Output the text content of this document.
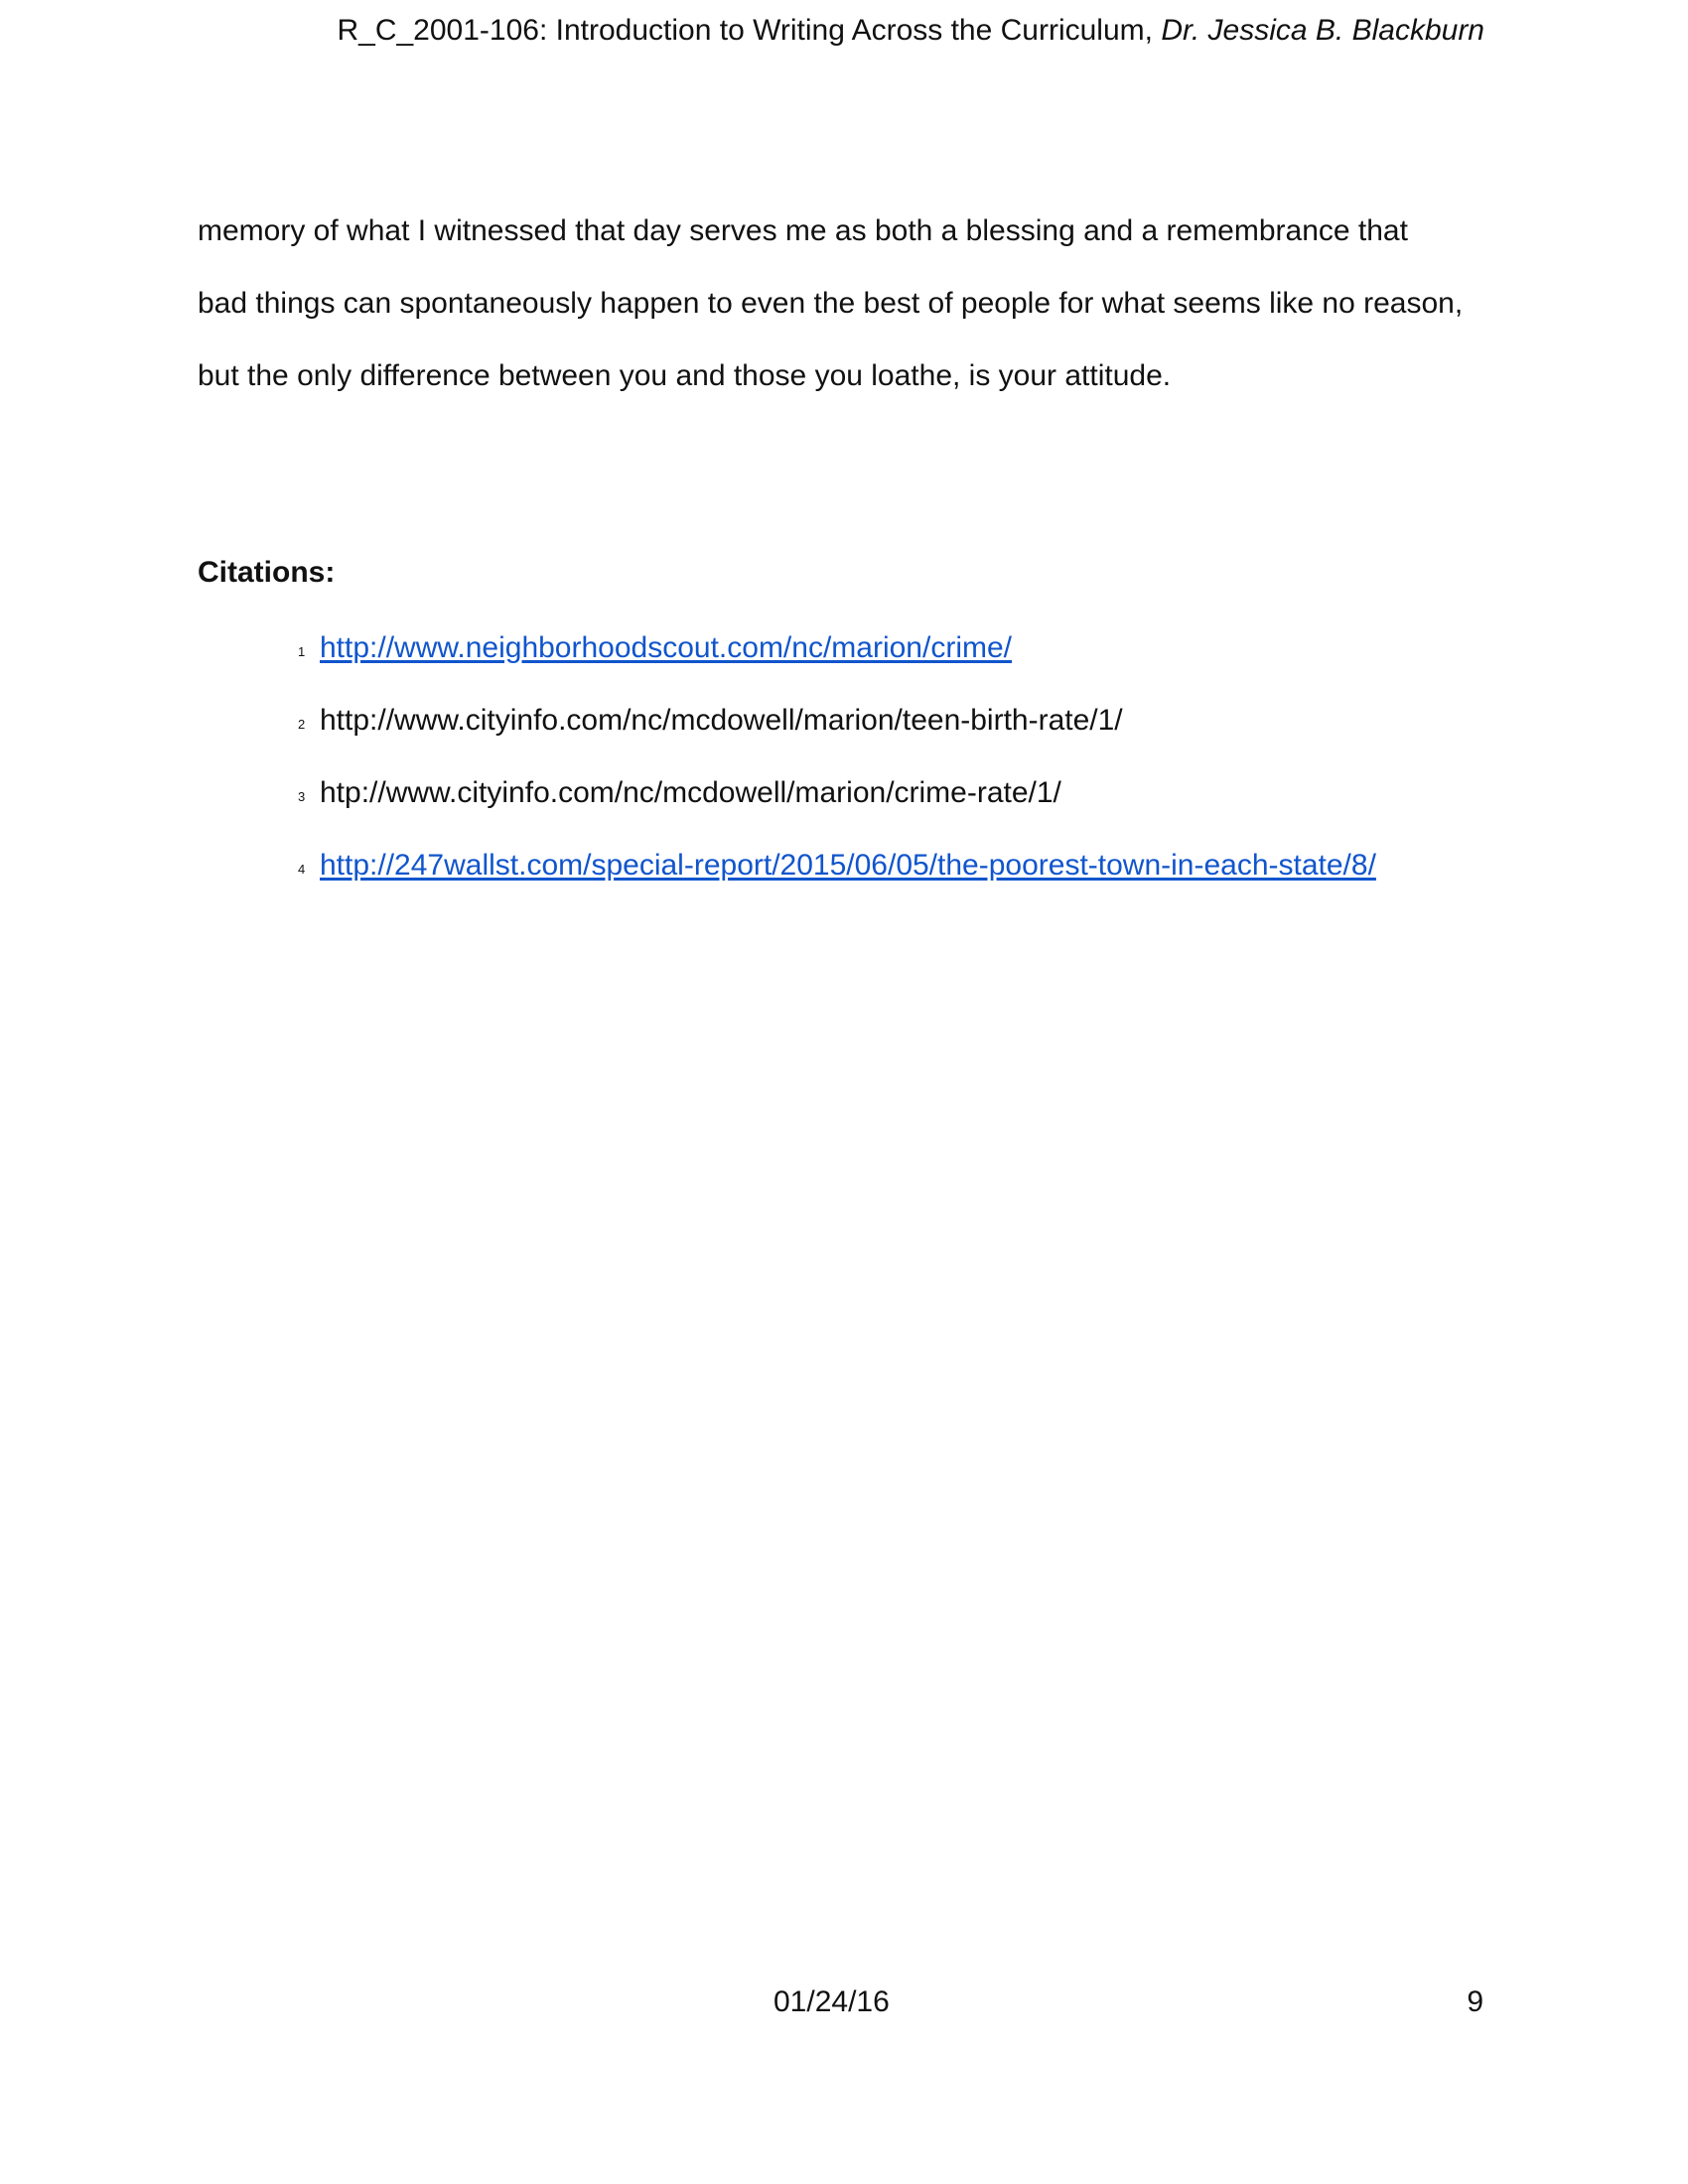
R_C_2001-106: Introduction to Writing Across the Curriculum, Dr. Jessica B. Blackburn

memory of what I witnessed that day serves me as both a blessing and a remembrance that

bad things can spontaneously happen to even the best of people for what seems like no reason,

but the only difference between you and those you loathe, is your attitude.

Citations:
1 http://www.neighborhoodscout.com/nc/marion/crime/
2 http://www.cityinfo.com/nc/mcdowell/marion/teen-birth-rate/1/
3 htp://www.cityinfo.com/nc/mcdowell/marion/crime-rate/1/
4 http://247wallst.com/special-report/2015/06/05/the-poorest-town-in-each-state/8/
01/24/16	9
